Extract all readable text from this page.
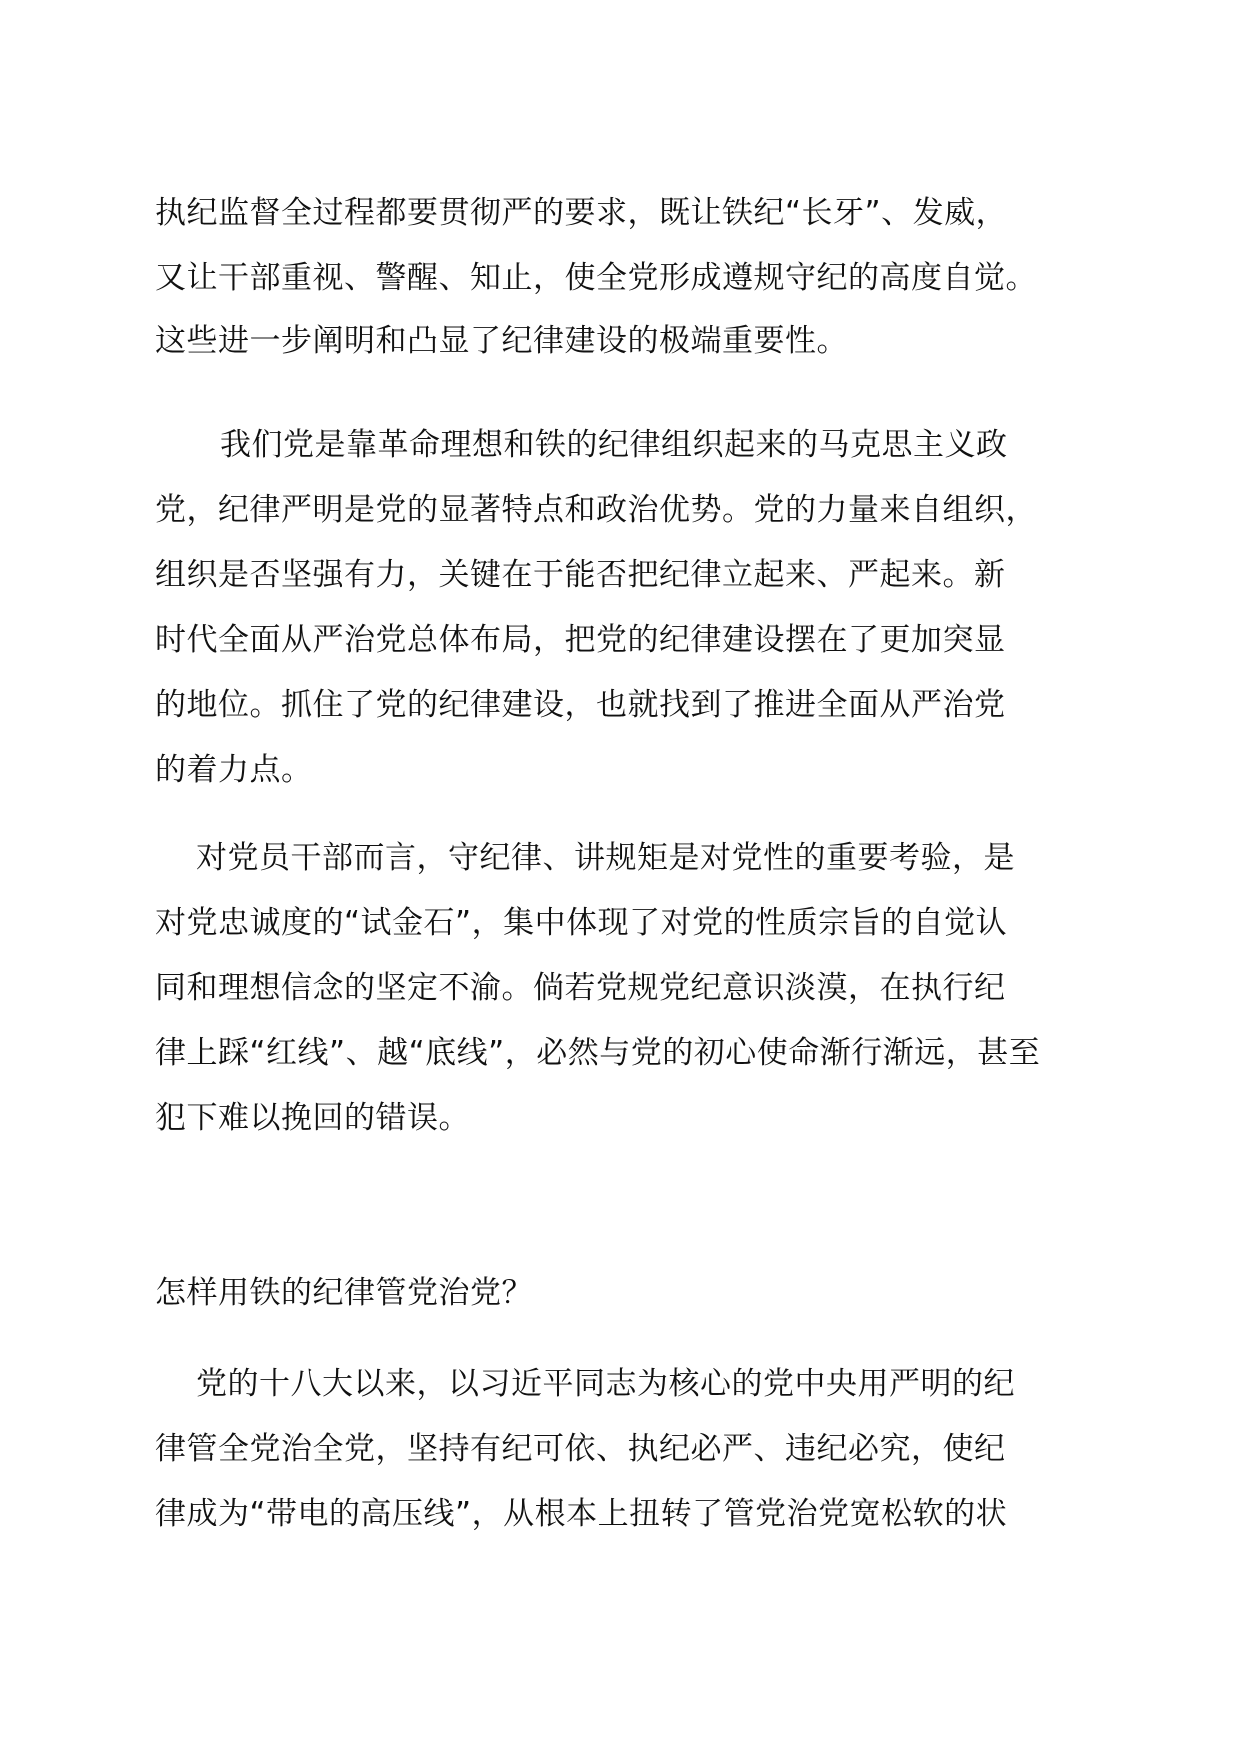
执纪监督全过程都要贯彻严的要求，既让铁纪“长牙”、发威，
又让干部重视、警醒、知止，使全党形成遵规守纪的高度自觉。
这些进一步阐明和凸显了纪律建设的极端重要性。
我们党是靠革命理想和铁的纪律组织起来的马克思主义政
党，纪律严明是党的显著特点和政治优势。党的力量来自组织，
组织是否坚强有力，关键在于能否把纪律立起来、严起来。新
时代全面从严治党总体布局，把党的纪律建设摆在了更加突显
的地位。抓住了党的纪律建设，也就找到了推进全面从严治党
的着力点。
对党员干部而言，守纪律、讲规矩是对党性的重要考验，是
对党忠诚度的“试金石”，集中体现了对党的性质宗旨的自觉认
同和理想信念的坚定不渝。倘若党规党纪意识淡漠，在执行纪
律上踩“红线”、越“底线”，必然与党的初心使命渐行渐远，甚至
犯下难以挽回的错误。
怎样用铁的纪律管党治党？
党的十八大以来，以习近平同志为核心的党中央用严明的纪
律管全党治全党，坚持有纪可依、执纪必严、违纪必究，使纪
律成为“带电的高压线”，从根本上扭转了管党治党宽松软的状
